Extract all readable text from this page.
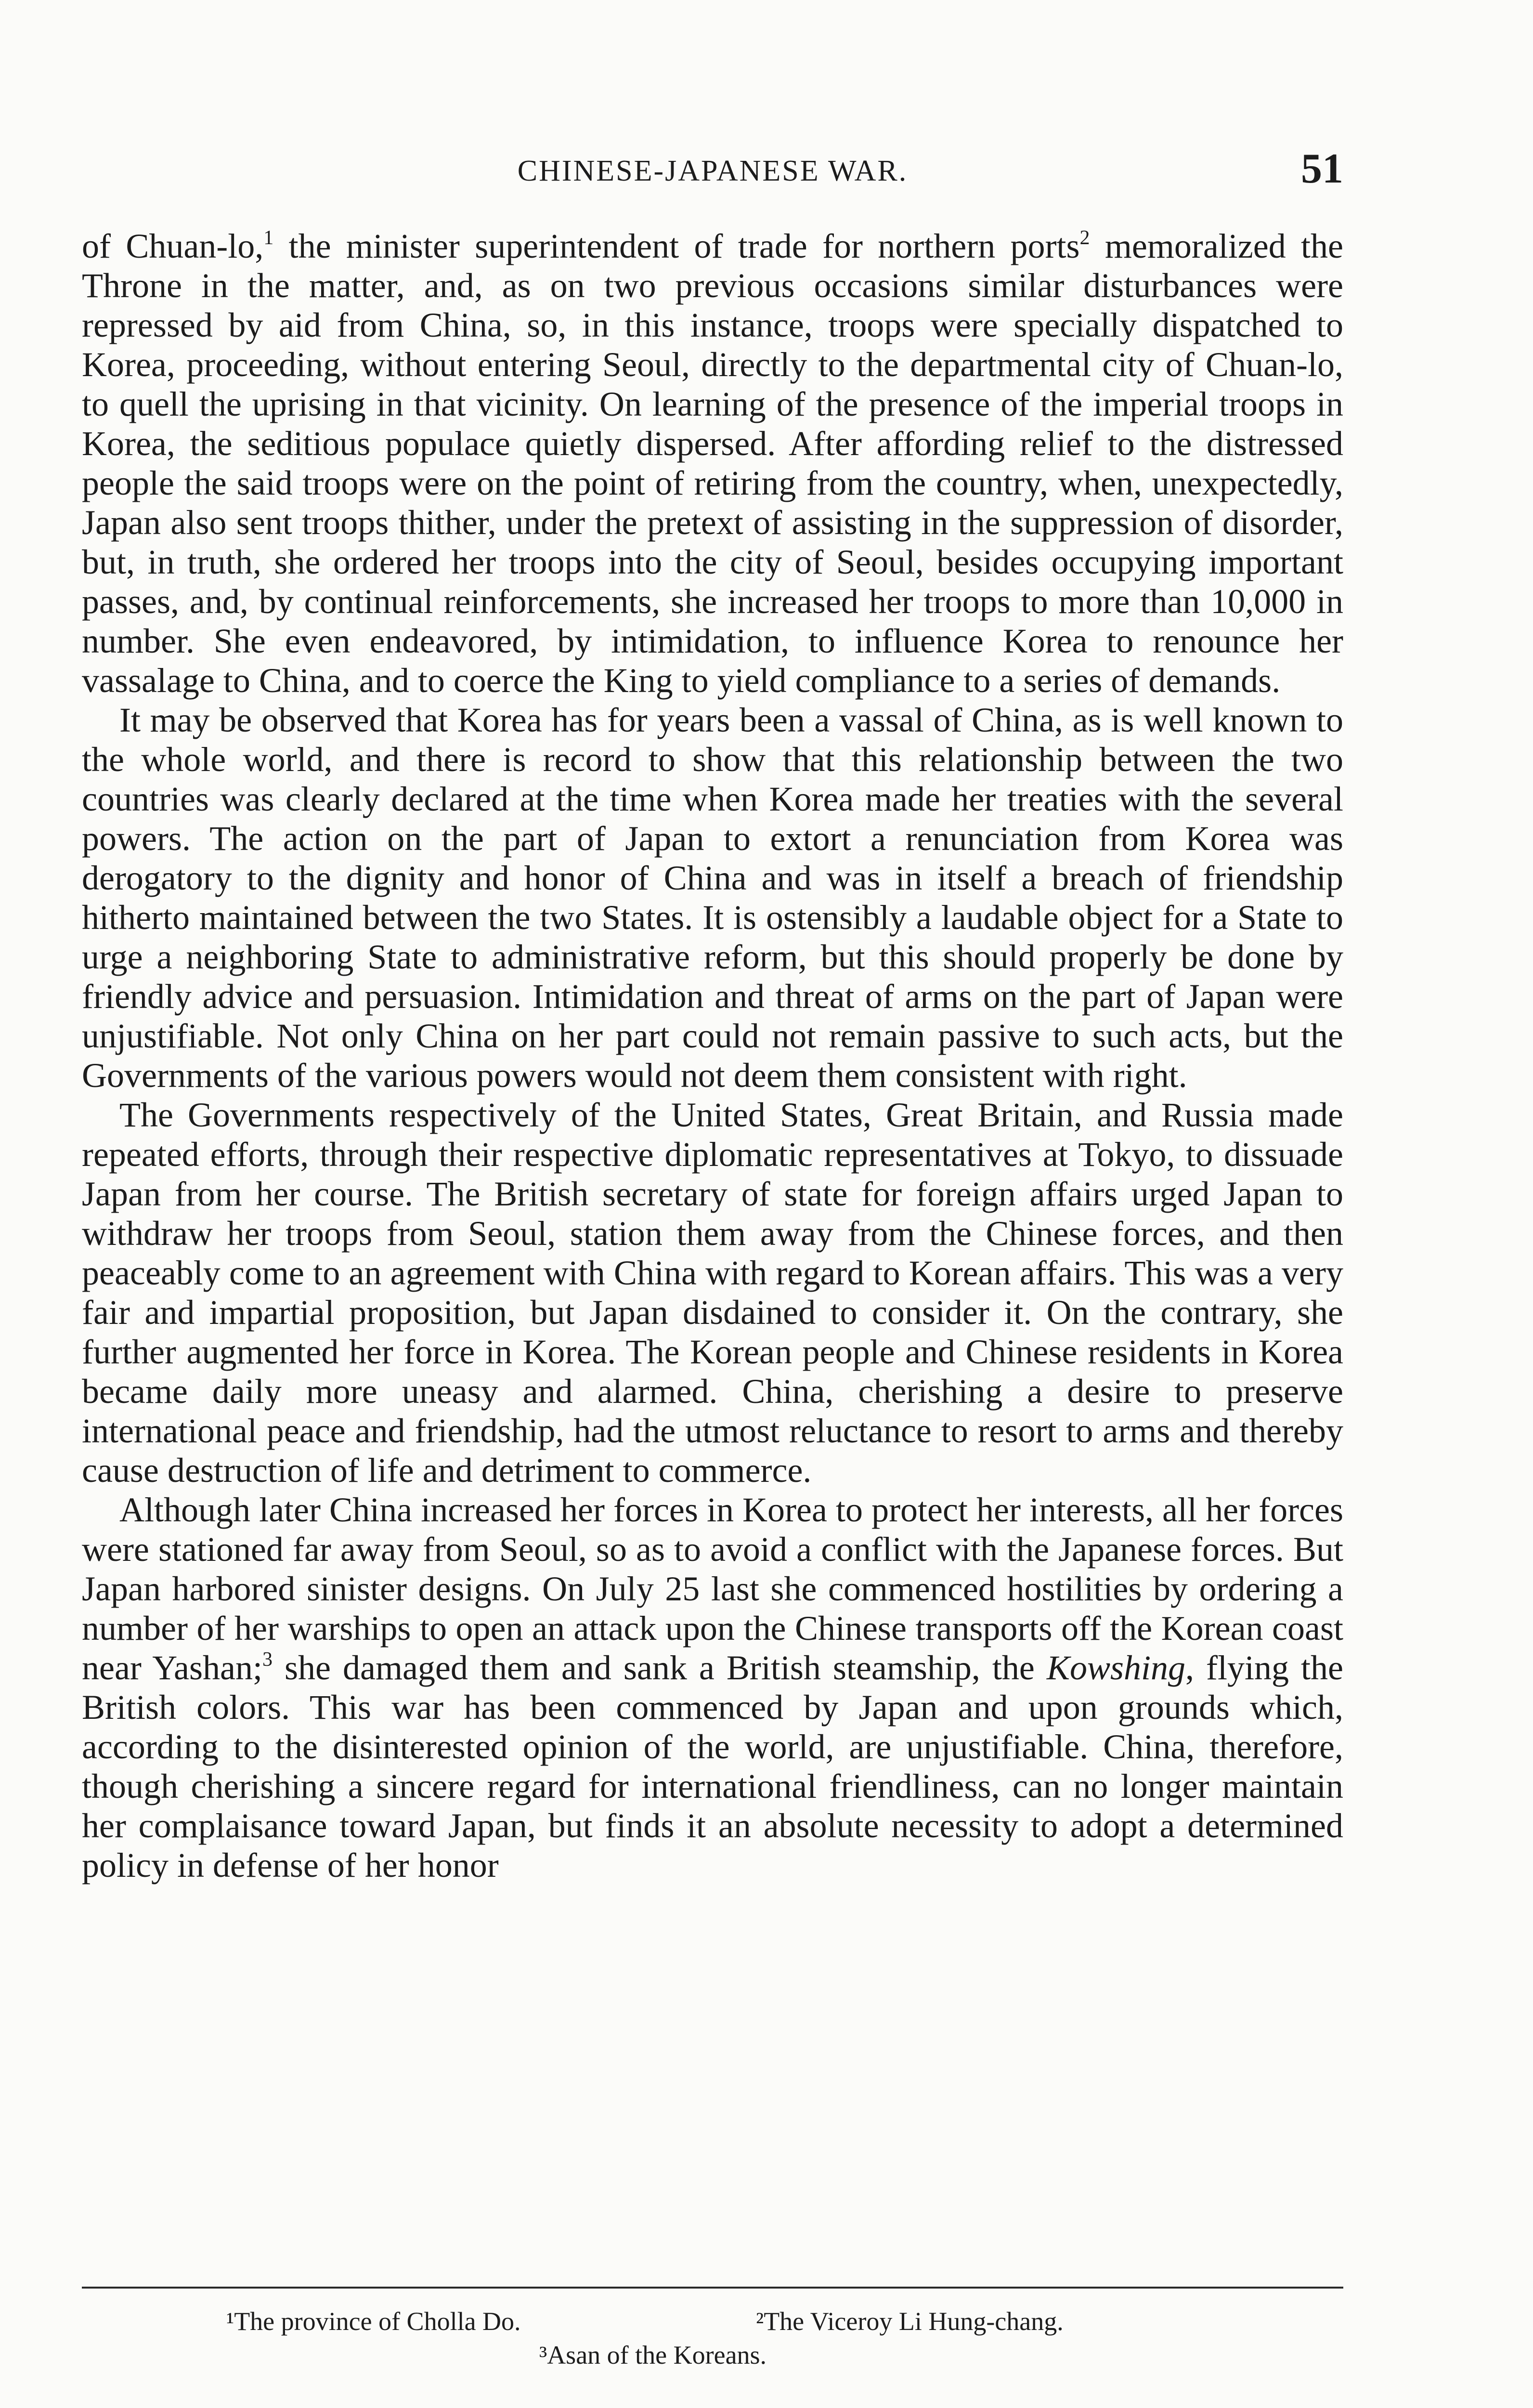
CHINESE-JAPANESE WAR.	51

of Chuan-lo,$^1$ the minister superintendent of trade for northern ports$^2$ memoralized the Throne in the matter, and, as on two previous occasions similar disturbances were repressed by aid from China, so, in this instance, troops were specially dispatched to Korea, proceeding, without entering Seoul, directly to the departmental city of Chuan-lo, to quell the uprising in that vicinity. On learning of the presence of the imperial troops in Korea, the seditious populace quietly dispersed. After affording relief to the distressed people the said troops were on the point of retiring from the country, when, unexpectedly, Japan also sent troops thither, under the pretext of assisting in the suppression of disorder, but, in truth, she ordered her troops into the city of Seoul, besides occupying important passes, and, by continual reinforcements, she increased her troops to more than 10,000 in number. She even endeavored, by intimidation, to influence Korea to renounce her vassalage to China, and to coerce the King to yield compliance to a series of demands.

It may be observed that Korea has for years been a vassal of China, as is well known to the whole world, and there is record to show that this relationship between the two countries was clearly declared at the time when Korea made her treaties with the several powers. The action on the part of Japan to extort a renunciation from Korea was derogatory to the dignity and honor of China and was in itself a breach of friendship hitherto maintained between the two States. It is ostensibly a laudable object for a State to urge a neighboring State to administrative reform, but this should properly be done by friendly advice and persuasion. Intimidation and threat of arms on the part of Japan were unjustifiable. Not only China on her part could not remain passive to such acts, but the Governments of the various powers would not deem them consistent with right.

The Governments respectively of the United States, Great Britain, and Russia made repeated efforts, through their respective diplomatic representatives at Tokyo, to dissuade Japan from her course. The British secretary of state for foreign affairs urged Japan to withdraw her troops from Seoul, station them away from the Chinese forces, and then peaceably come to an agreement with China with regard to Korean affairs. This was a very fair and impartial proposition, but Japan disdained to consider it. On the contrary, she further augmented her force in Korea. The Korean people and Chinese residents in Korea became daily more uneasy and alarmed. China, cherishing a desire to preserve international peace and friendship, had the utmost reluctance to resort to arms and thereby cause destruction of life and detriment to commerce.

Although later China increased her forces in Korea to protect her interests, all her forces were stationed far away from Seoul, so as to avoid a conflict with the Japanese forces. But Japan harbored sinister designs. On July 25 last she commenced hostilities by ordering a number of her warships to open an attack upon the Chinese transports off the Korean coast near Yashan;$^3$ she damaged them and sank a British steamship, the Kowshing, flying the British colors. This war has been commenced by Japan and upon grounds which, according to the disinterested opinion of the world, are unjustifiable. China, therefore, though cherishing a sincere regard for international friendliness, can no longer maintain her complaisance toward Japan, but finds it an absolute necessity to adopt a determined policy in defense of her honor

¹The province of Cholla Do.	²The Viceroy Li Hung-chang.
³Asan of the Koreans.
